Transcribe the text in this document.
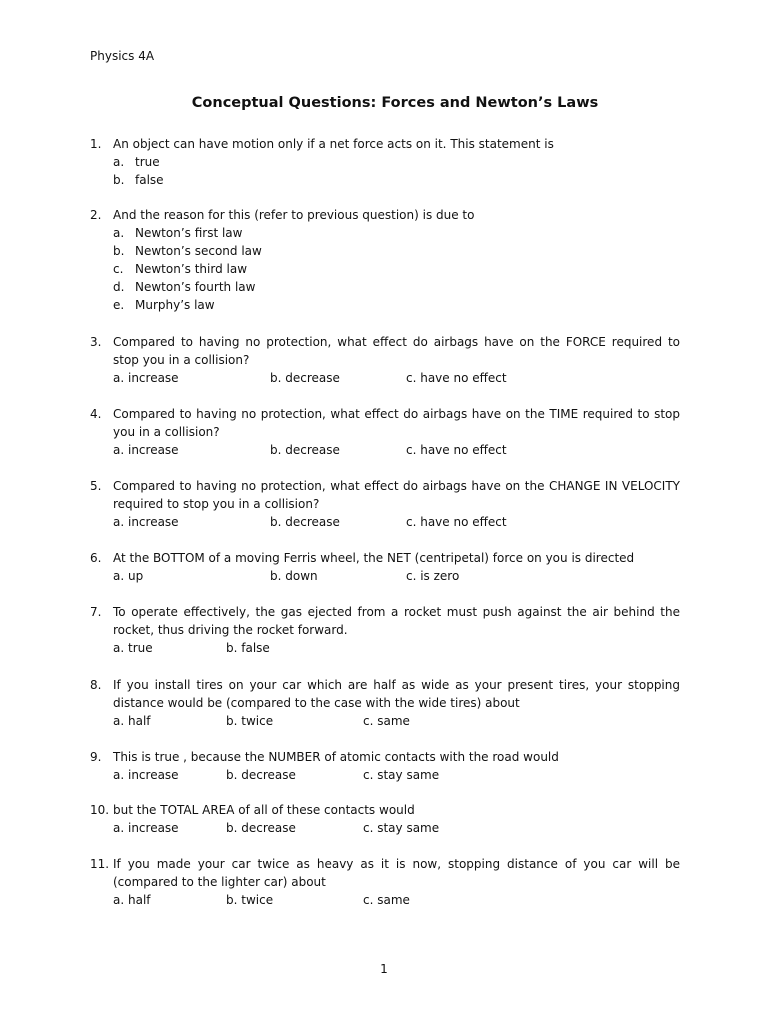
Physics 4A
Conceptual Questions: Forces and Newton’s Laws
1. An object can have motion only if a net force acts on it. This statement is
a. true
b. false
2. And the reason for this (refer to previous question) is due to
a. Newton’s first law
b. Newton’s second law
c. Newton’s third law
d. Newton’s fourth law
e. Murphy’s law
3. Compared to having no protection, what effect do airbags have on the FORCE required to stop you in a collision?
a. increase	b. decrease	c. have no effect
4. Compared to having no protection, what effect do airbags have on the TIME required to stop you in a collision?
a. increase	b. decrease	c. have no effect
5. Compared to having no protection, what effect do airbags have on the CHANGE IN VELOCITY required to stop you in a collision?
a. increase	b. decrease	c. have no effect
6. At the BOTTOM of a moving Ferris wheel, the NET (centripetal) force on you is directed
a. up	b. down	c. is zero
7. To operate effectively, the gas ejected from a rocket must push against the air behind the rocket, thus driving the rocket forward.
a. true	b. false
8. If you install tires on your car which are half as wide as your present tires, your stopping distance would be (compared to the case with the wide tires) about
a. half	b. twice	c. same
9. This is true , because the NUMBER of atomic contacts with the road would
a. increase	b. decrease	c. stay same
10. but the TOTAL AREA of all of these contacts would
a. increase	b. decrease	c. stay same
11. If you made your car twice as heavy as it is now, stopping distance of you car will be (compared to the lighter car) about
a. half	b. twice	c. same
1
